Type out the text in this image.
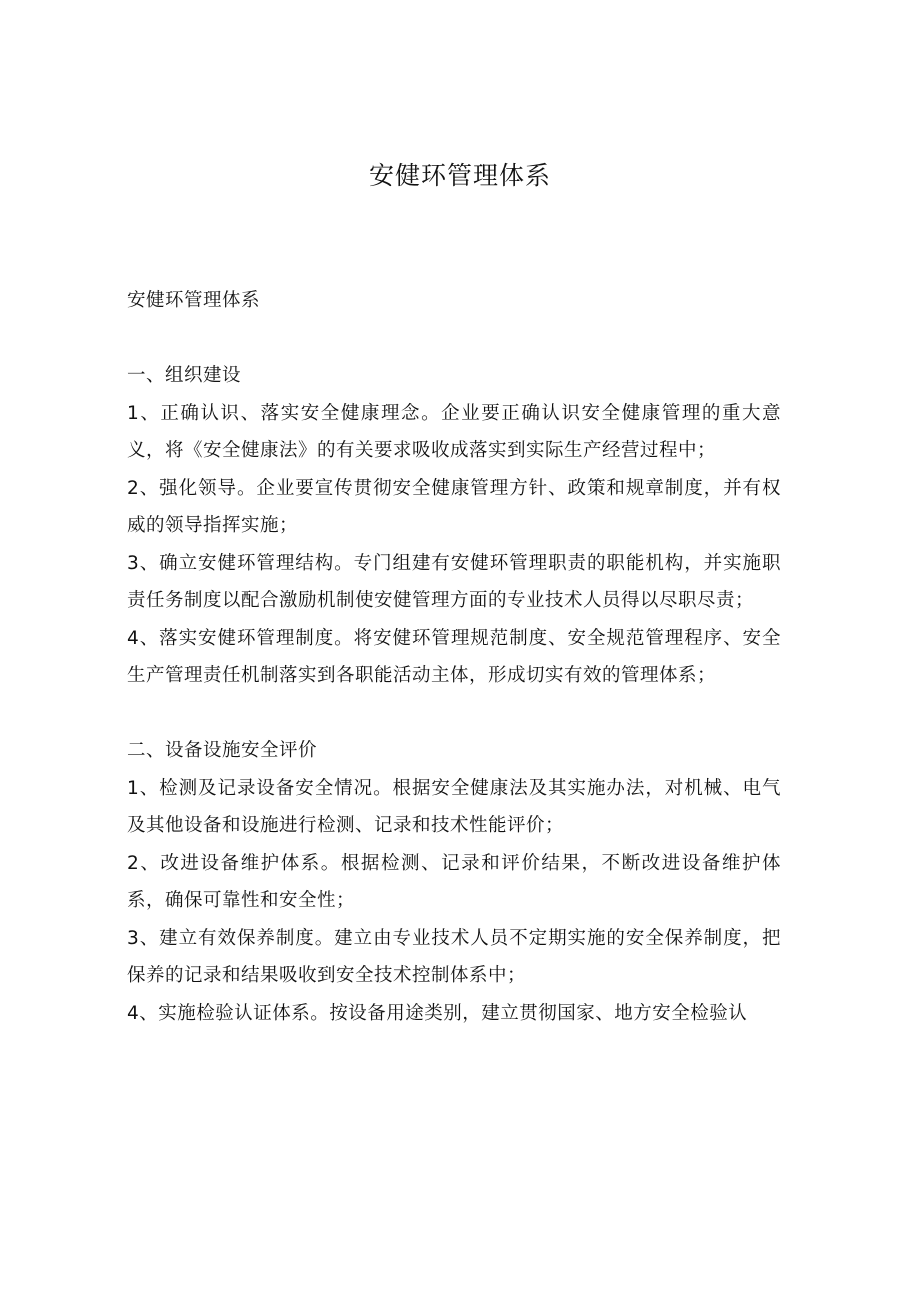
安健环管理体系

安健环管理体系

一、组织建设

1、正确认识、落实安全健康理念。企业要正确认识安全健康管理的重大意义，将《安全健康法》的有关要求吸收成落实到实际生产经营过程中；

2、强化领导。企业要宣传贯彻安全健康管理方针、政策和规章制度，并有权威的领导指挥实施；

3、确立安健环管理结构。专门组建有安健环管理职责的职能机构，并实施职责任务制度以配合激励机制使安健管理方面的专业技术人员得以尽职尽责；

4、落实安健环管理制度。将安健环管理规范制度、安全规范管理程序、安全生产管理责任机制落实到各职能活动主体，形成切实有效的管理体系；

二、设备设施安全评价

1、检测及记录设备安全情况。根据安全健康法及其实施办法，对机械、电气及其他设备和设施进行检测、记录和技术性能评价；

2、改进设备维护体系。根据检测、记录和评价结果，不断改进设备维护体系，确保可靠性和安全性；

3、建立有效保养制度。建立由专业技术人员不定期实施的安全保养制度，把保养的记录和结果吸收到安全技术控制体系中；

4、实施检验认证体系。按设备用途类别，建立贯彻国家、地方安全检验认
